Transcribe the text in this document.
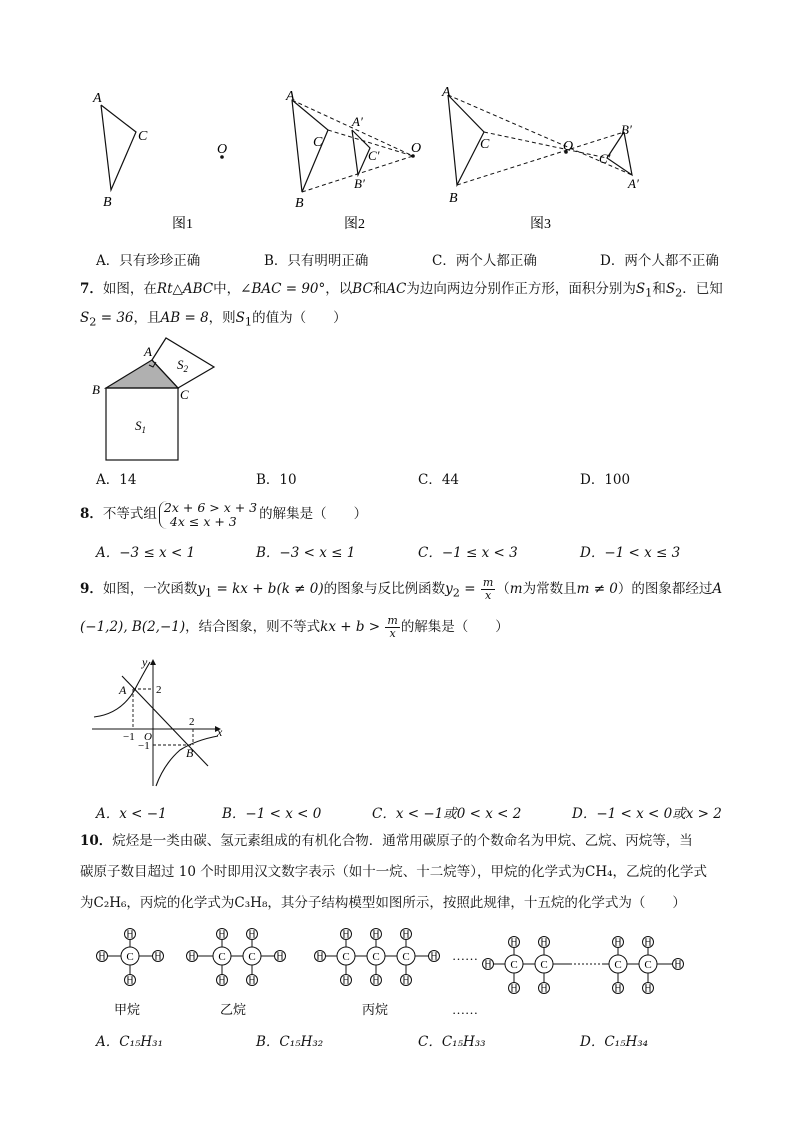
A
C
B
O
图1
A
C
B
A′
C′
B′
O
图2
A
C
B
O
B′
C′
A′
图3
A．只有珍珍正确	B．只有明明正确	C．两个人都正确	D．两个人都不正确
7．如图，在Rt△ABC中，∠BAC = 90°，以BC和AC为边向两边分别作正方形，面积分别为$S_1$和$S_2$．已知
$S_2 = 36$，且AB = 8，则$S_1$的值为（　　）
A
B	C
$S_1$
$S_2$
A．14	B．10	C．44	D．100
8．不等式组 2x + 6 > x + 3
4x ≤ x + 3	的解集是（　　）
A．−3 ≤ x < 1	B．−3 < x ≤ 1	C．−1 ≤ x < 3	D．−1 < x ≤ 3
9．如图，一次函数$y_1$ = kx + b(k ≠ 0)的图象与反比例函数$y_2 = \frac{m}{x} (m$为常数且m ≠ 0）的图象都经过A
(−1,2), B(2,−1)，结合图象，则不等式kx + $b > \frac{m}{x}$ 的解集是（　　）
y
x
O
A
B
2
2
−1
−1
A．x < −1	B．−1 < x < 0	C．x < −1或0 < x < 2	D．−1 < x < 0或x > 2
10．烷烃是一类由碳、氢元素组成的有机化合物．通常用碳原子的个数命名为甲烷、乙烷、丙烷等，当
碳原子数目超过 10 个时即用汉文数字表示（如十一烷、十二烷等），甲烷的化学式为CH₄，乙烷的化学式
为C₂H₆，丙烷的化学式为C₃H₈，其分子结构模型如图所示，按照此规律，十五烷的化学式为（　　）
C
H	H
H
H
C C
H	H
H
H
H
H
C C C
H	H
H
H
H
H
H
H
……
C C	C C
H	H
H
H
H
H
H
H
H
H
甲烷	乙烷	丙烷	……
A．C₁₅H₃₁	B．C₁₅H₃₂	C．C₁₅H₃₃	D．C₁₅H₃₄
